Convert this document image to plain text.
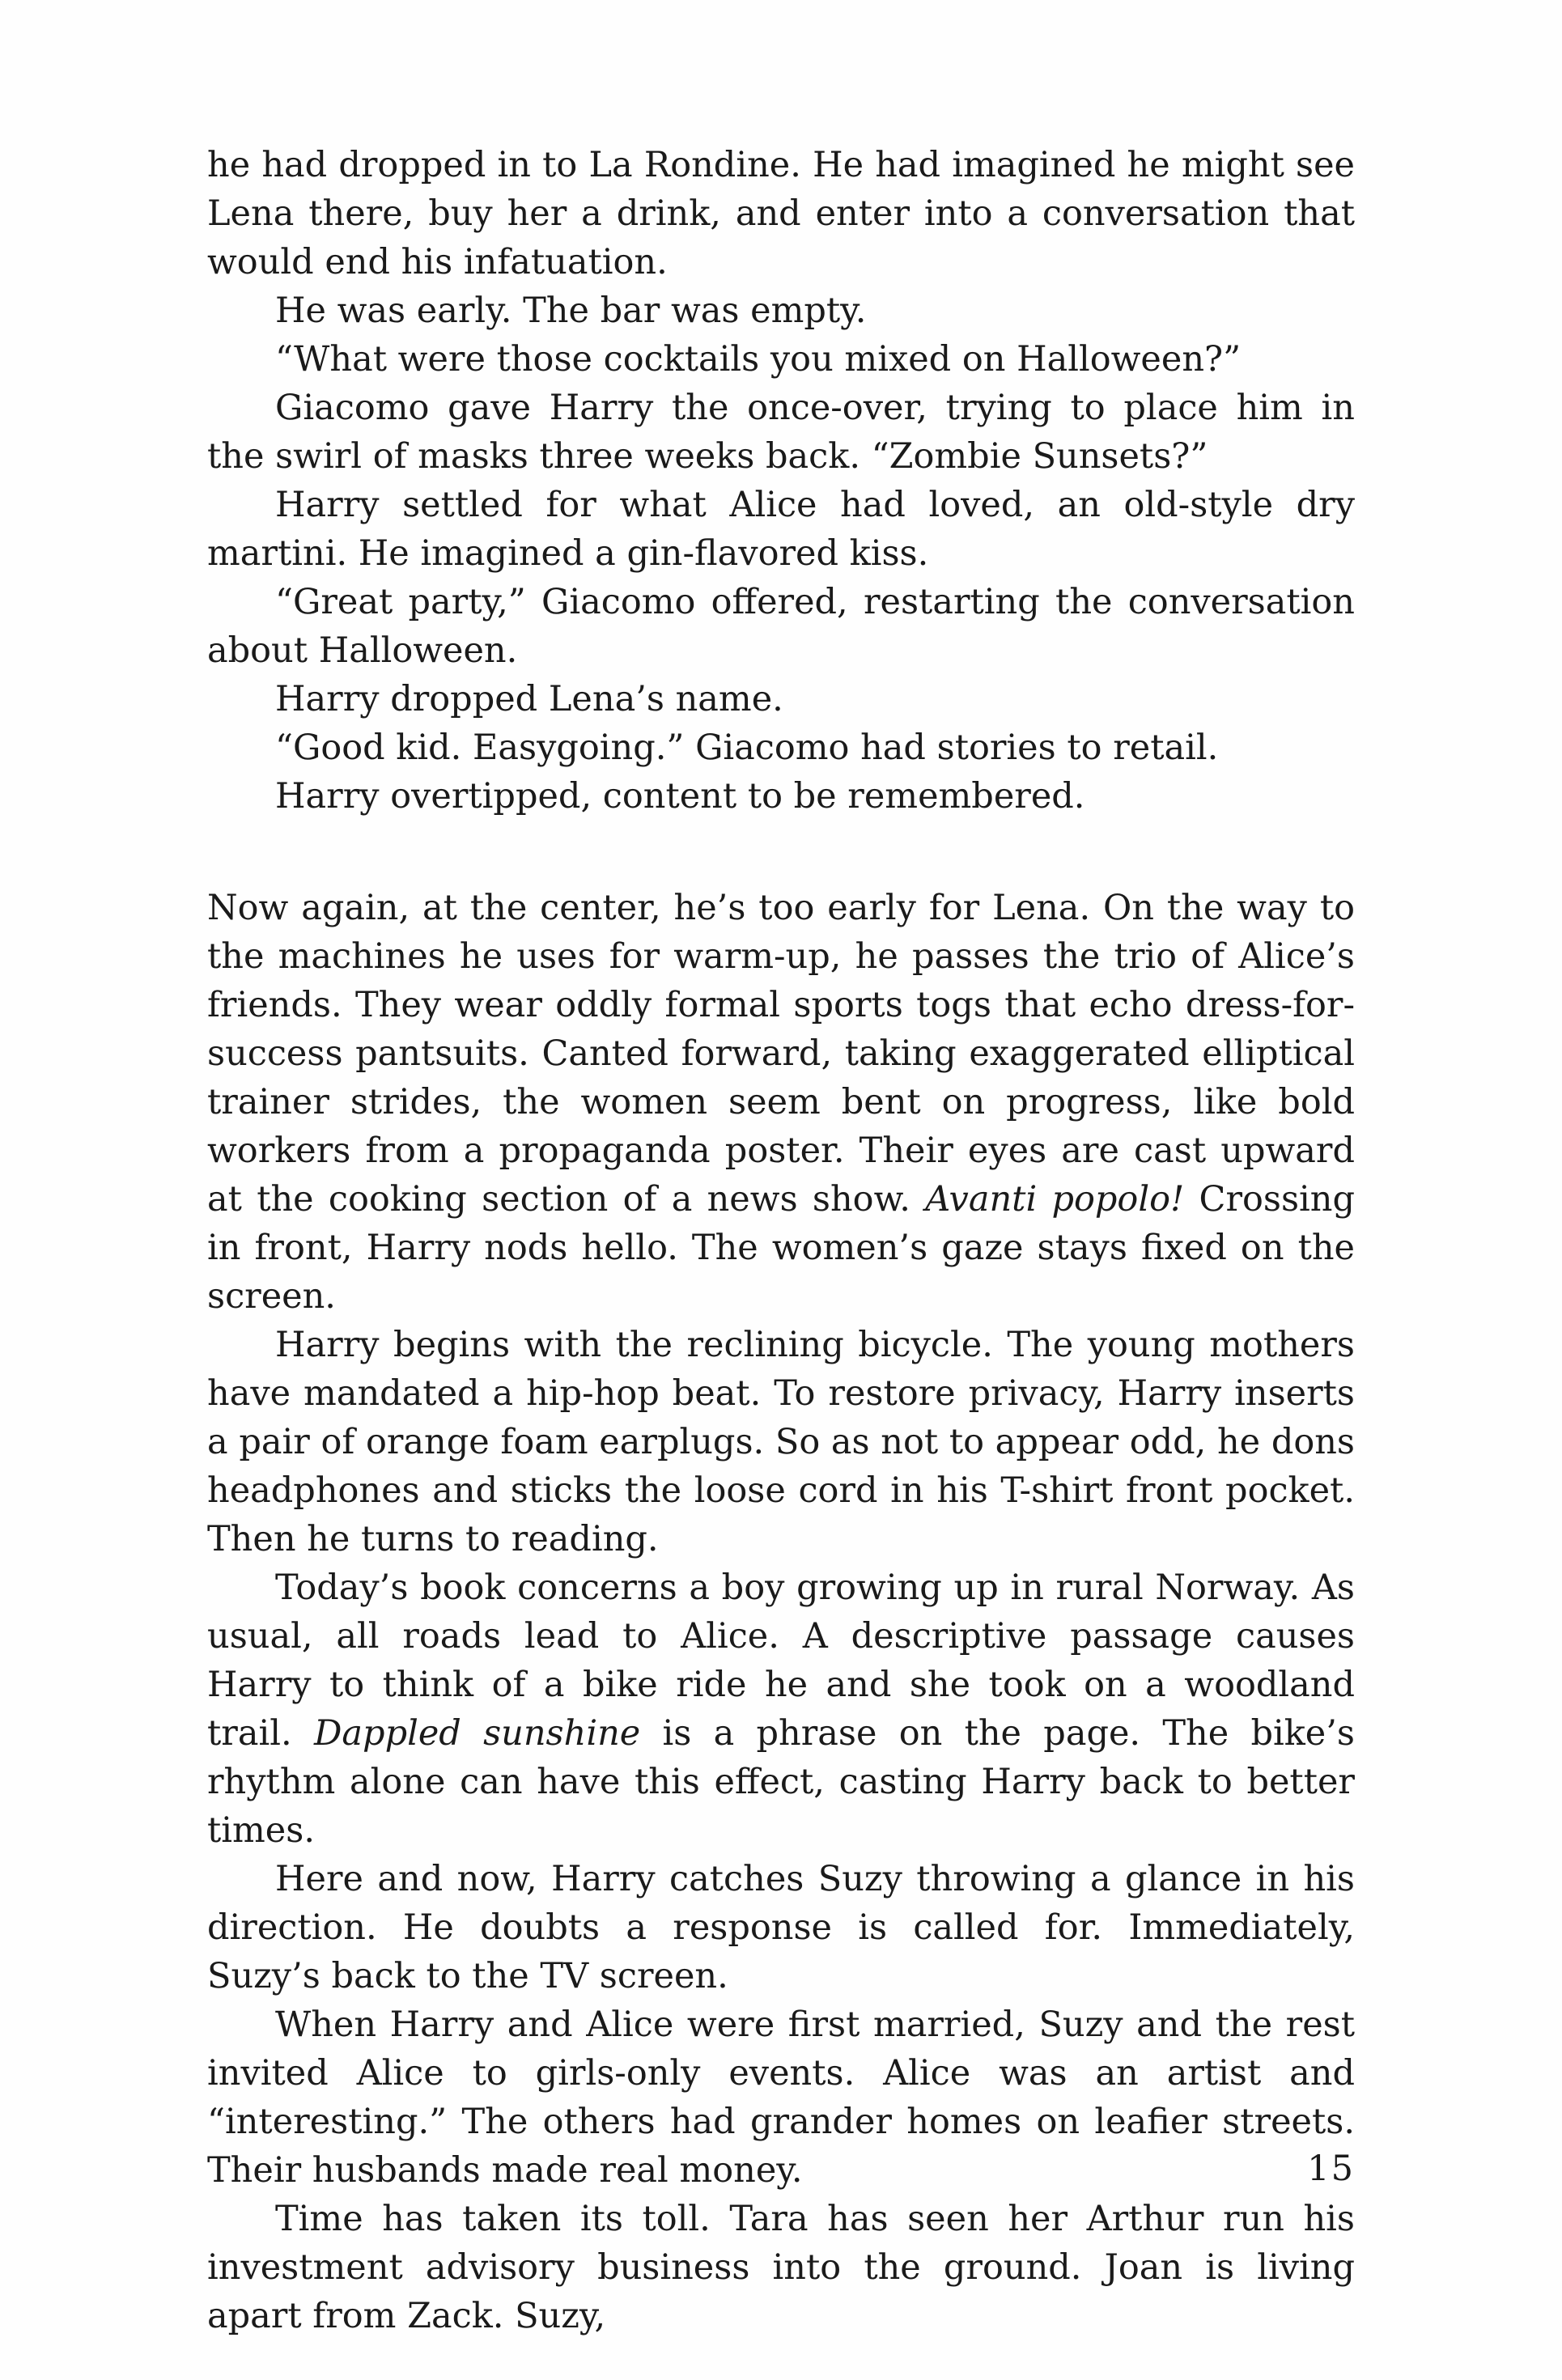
he had dropped in to La Rondine. He had imagined he might see Lena there, buy her a drink, and enter into a conversation that would end his infatuation.

He was early. The bar was empty.

“What were those cocktails you mixed on Halloween?”

Giacomo gave Harry the once-over, trying to place him in the swirl of masks three weeks back. “Zombie Sunsets?”

Harry settled for what Alice had loved, an old-style dry martini. He imagined a gin-flavored kiss.

“Great party,” Giacomo offered, restarting the conversation about Halloween.

Harry dropped Lena’s name.

“Good kid. Easygoing.” Giacomo had stories to retail.

Harry overtipped, content to be remembered.

Now again, at the center, he’s too early for Lena. On the way to the machines he uses for warm-up, he passes the trio of Alice’s friends. They wear oddly formal sports togs that echo dress-for-success pantsuits. Canted forward, taking exaggerated elliptical trainer strides, the women seem bent on progress, like bold workers from a propaganda poster. Their eyes are cast upward at the cooking section of a news show. Avanti popolo! Crossing in front, Harry nods hello. The women’s gaze stays fixed on the screen.

Harry begins with the reclining bicycle. The young mothers have mandated a hip-hop beat. To restore privacy, Harry inserts a pair of orange foam earplugs. So as not to appear odd, he dons headphones and sticks the loose cord in his T-shirt front pocket. Then he turns to reading.

Today’s book concerns a boy growing up in rural Norway. As usual, all roads lead to Alice. A descriptive passage causes Harry to think of a bike ride he and she took on a woodland trail. Dappled sunshine is a phrase on the page. The bike’s rhythm alone can have this effect, casting Harry back to better times.

Here and now, Harry catches Suzy throwing a glance in his direction. He doubts a response is called for. Immediately, Suzy’s back to the TV screen.

When Harry and Alice were first married, Suzy and the rest invited Alice to girls-only events. Alice was an artist and “interesting.” The others had grander homes on leafier streets. Their husbands made real money.

Time has taken its toll. Tara has seen her Arthur run his investment advisory business into the ground. Joan is living apart from Zack. Suzy,

15
